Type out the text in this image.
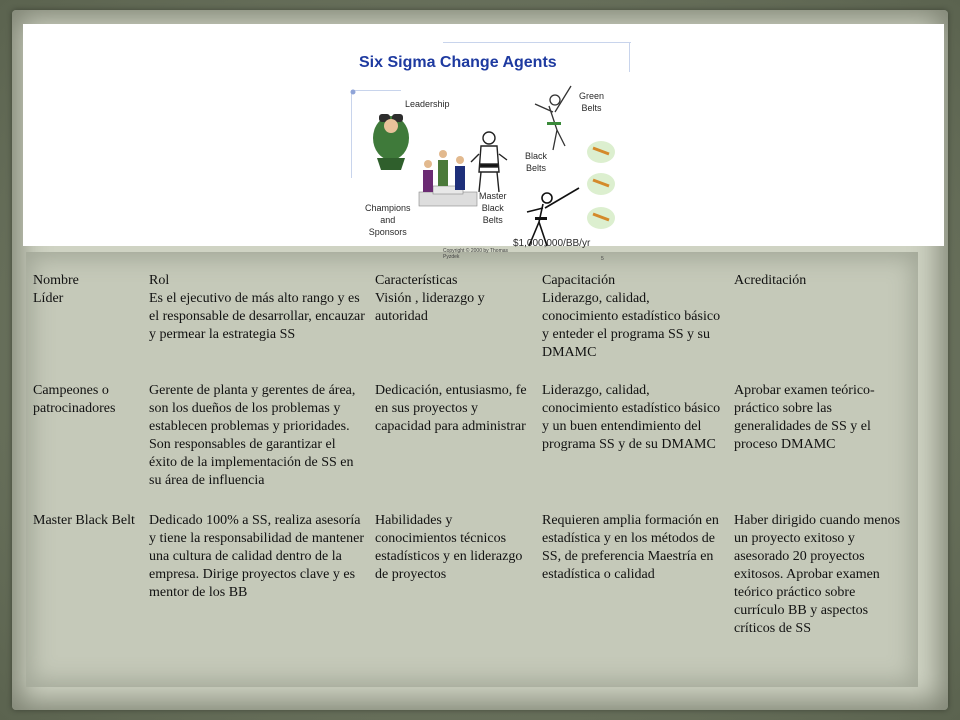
Six Sigma Change Agents
Leadership
Green
Belts
Black
Belts
Champions
and
Sponsors
Master
Black
Belts
$1,000,000/BB/yr
Copyright © 2000 by Thomas
Pyzdek	5
Nombre	Rol	Características	Capacitación	Acreditación
Líder	Es el ejecutivo de más alto rango y es el responsable de desarrollar, encauzar y permear la estrategia SS	Visión , liderazgo y autoridad	Liderazgo, calidad, conocimiento estadístico básico y enteder el programa SS y su DMAMC	
Campeones o patrocinadores	Gerente de planta y gerentes de área, son los dueños de los problemas y establecen problemas y prioridades. Son responsables de garantizar el éxito de la implementación de SS en su área de influencia	Dedicación, entusiasmo, fe en sus proyectos y capacidad para administrar	Liderazgo, calidad, conocimiento estadístico básico y un buen entendimiento del programa SS y de su DMAMC	Aprobar examen teórico-práctico sobre las generalidades de SS y el proceso DMAMC
Master Black Belt	Dedicado 100% a SS, realiza asesoría y tiene la responsabilidad de mantener una cultura de calidad dentro de la empresa. Dirige proyectos clave y es mentor de los BB	Habilidades y conocimientos técnicos estadísticos y en liderazgo de proyectos	Requieren amplia formación en estadística y en los métodos de SS, de preferencia Maestría en estadística o calidad	Haber dirigido cuando menos un proyecto exitoso y asesorado 20 proyectos exitosos. Aprobar examen teórico práctico sobre currículo BB y aspectos críticos de SS
